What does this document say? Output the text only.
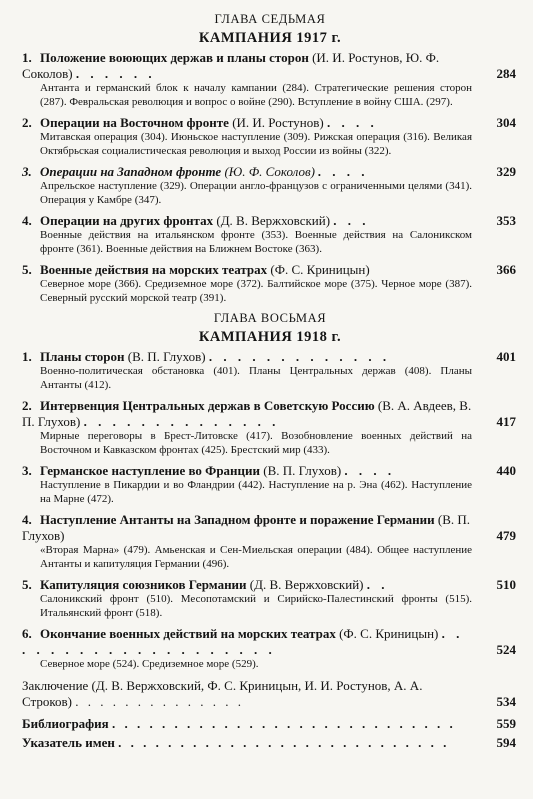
ГЛАВА СЕДЬМАЯ
КАМПАНИЯ 1917 г.
1. Положение воюющих держав и планы сторон (И. И. Ростунов, Ю. Ф. Соколов) . . . . . .	284
Антанта и германский блок к началу кампании (284). Стратегические решения сторон (287). Февральская революция и вопрос о войне (290). Вступление в войну США. (297).
2. Операции на Восточном фронте (И. И. Ростунов) . . . .	304
Митавская операция (304). Июньское наступление (309). Рижская операция (316). Великая Октябрьская социалистическая революция и выход России из войны (322).
3. Операции на Западном фронте (Ю. Ф. Соколов) . . . .	329
Апрельское наступление (329). Операции англо-французов с ограниченными целями (341). Операция у Камбре (347).
4. Операции на других фронтах (Д. В. Вержховский) . . .	353
Военные действия на итальянском фронте (353). Военные действия на Салоникском фронте (361). Военные действия на Ближнем Востоке (363).
5. Военные действия на морских театрах (Ф. С. Криницын)	366
Северное море (366). Средиземное море (372). Балтийское море (375). Черное море (387). Северный русский морской театр (391).
ГЛАВА ВОСЬМАЯ
КАМПАНИЯ 1918 г.
1. Планы сторон (В. П. Глухов) . . . . . . . . . . . . .	401
Военно-политическая обстановка (401). Планы Центральных держав (408). Планы Антанты (412).
2. Интервенция Центральных держав в Советскую Россию (В. А. Авдеев, В. П. Глухов) . . . . . . . . . . . . . .	417
Мирные переговоры в Брест-Литовске (417). Возобновление военных действий на Восточном и Кавказском фронтах (425). Брестский мир (433).
3. Германское наступление во Франции (В. П. Глухов) . . . .	440
Наступление в Пикардии и во Фландрии (442). Наступление на р. Эна (462). Наступление на Марне (472).
4. Наступление Антанты на Западном фронте и поражение Германии (В. П. Глухов)	479
«Вторая Марна» (479). Амьенская и Сен-Миельская операции (484). Общее наступление Антанты и капитуляция Германии (496).
5. Капитуляция союзников Германии (Д. В. Вержховский) . .	510
Салоникский фронт (510). Месопотамский и Сирийско-Палестинский фронты (515). Итальянский фронт (518).
6. Окончание военных действий на морских театрах (Ф. С. Криницын) . . . . . . . . . . . . . . . . . . . .	524
Северное море (524). Средиземное море (529).
Заключение (Д. В. Вержховский, Ф. С. Криницын, И. И. Ростунов, А. А. Строков) . . . . . . . . . . . . . .	534
Библиография . . . . . . . . . . . . . . . . . . . . . . . . . . . .	559
Указатель имен . . . . . . . . . . . . . . . . . . . . . . . . . . .	594
